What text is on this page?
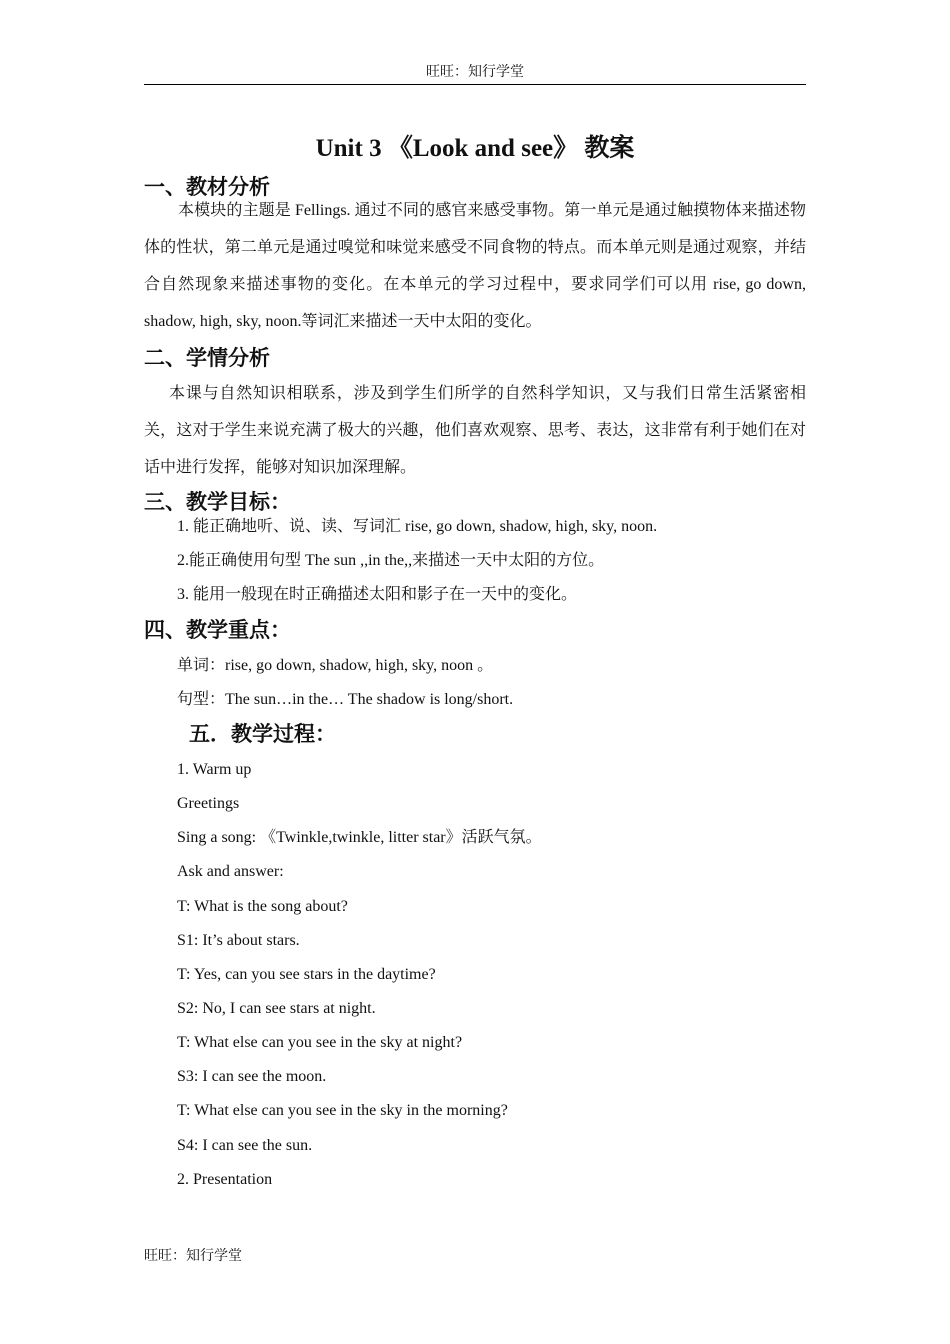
旺旺：知行学堂
Unit 3 《Look and see》 教案
一、教材分析

本模块的主题是 Fellings. 通过不同的感官来感受事物。第一单元是通过触摸物体来描述物体的性状，第二单元是通过嗅觉和味觉来感受不同食物的特点。而本单元则是通过观察，并结合自然现象来描述事物的变化。在本单元的学习过程中，要求同学们可以用 rise, go down, shadow, high, sky, noon.等词汇来描述一天中太阳的变化。

二、学情分析

本课与自然知识相联系，涉及到学生们所学的自然科学知识，又与我们日常生活紧密相关，这对于学生来说充满了极大的兴趣，他们喜欢观察、思考、表达，这非常有利于她们在对话中进行发挥，能够对知识加深理解。

三、教学目标：
1. 能正确地听、说、读、写词汇 rise, go down, shadow, high, sky, noon.
2.能正确使用句型 The sun ,,in the,,来描述一天中太阳的方位。
3. 能用一般现在时正确描述太阳和影子在一天中的变化。
四、教学重点：
单词：rise, go down, shadow, high, sky, noon 。
句型：The sun…in the… The shadow is long/short.
五．教学过程：
1. Warm up
Greetings
Sing a song: 《Twinkle,twinkle, litter star》活跃气氛。
Ask and answer:
T: What is the song about?
S1: It’s about stars.
T: Yes, can you see stars in the daytime?
S2: No, I can see stars at night.
T: What else can you see in the sky at night?
S3: I can see the moon.
T: What else can you see in the sky in the morning?
S4: I can see the sun.
2. Presentation
旺旺：知行学堂
